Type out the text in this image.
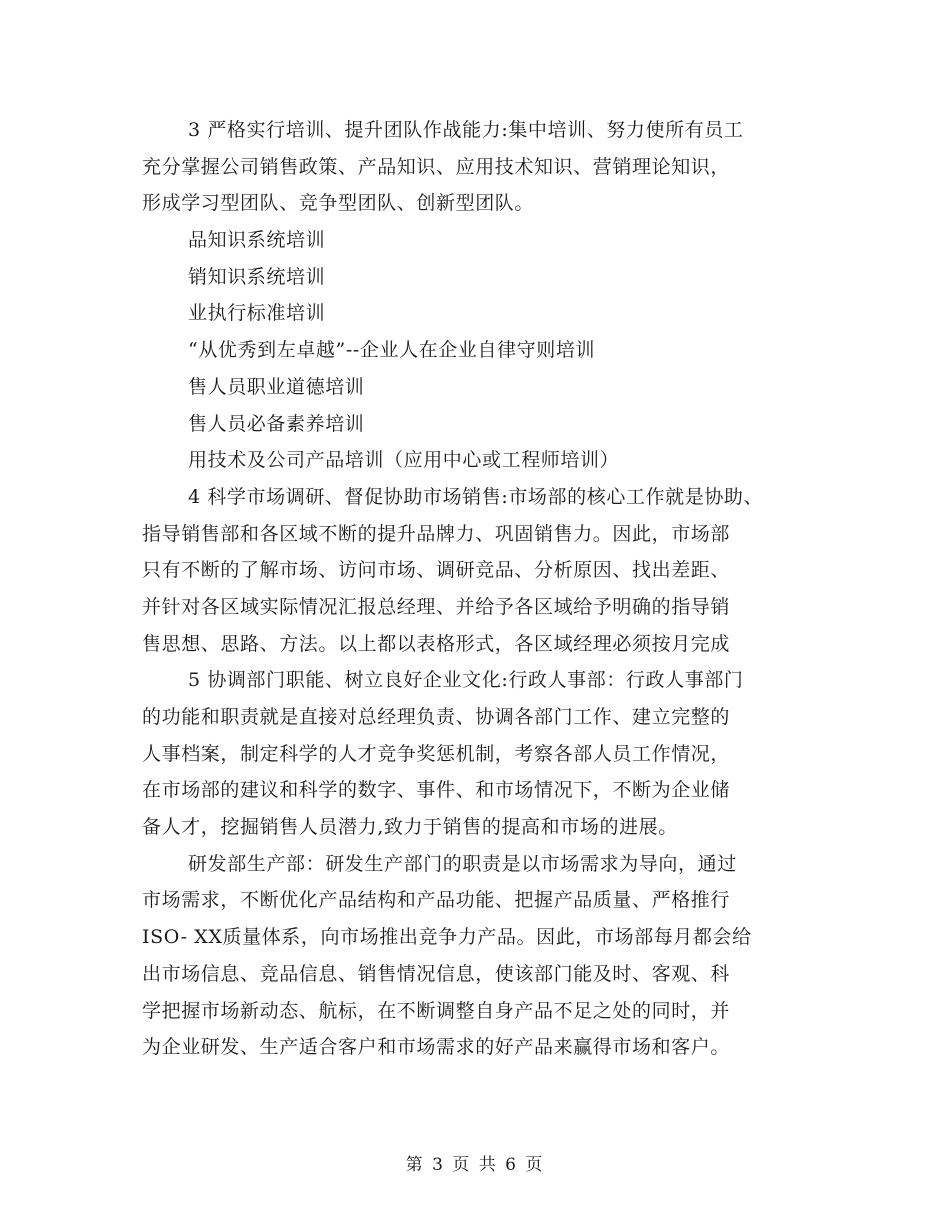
3 严格实行培训、提升团队作战能力:集中培训、努力使所有员工
充分掌握公司销售政策、产品知识、应用技术知识、营销理论知识，
形成学习型团队、竞争型团队、创新型团队。
品知识系统培训
销知识系统培训
业执行标准培训
“从优秀到左卓越”--企业人在企业自律守则培训
售人员职业道德培训
售人员必备素养培训
用技术及公司产品培训（应用中心或工程师培训）
4 科学市场调研、督促协助市场销售:市场部的核心工作就是协助、
指导销售部和各区域不断的提升品牌力、巩固销售力。因此，市场部
只有不断的了解市场、访问市场、调研竞品、分析原因、找出差距、
并针对各区域实际情况汇报总经理、并给予各区域给予明确的指导销
售思想、思路、方法。以上都以表格形式，各区域经理必须按月完成
5 协调部门职能、树立良好企业文化:行政人事部：行政人事部门
的功能和职责就是直接对总经理负责、协调各部门工作、建立完整的
人事档案，制定科学的人才竞争奖惩机制，考察各部人员工作情况，
在市场部的建议和科学的数字、事件、和市场情况下，不断为企业储
备人才，挖掘销售人员潜力,致力于销售的提高和市场的进展。
研发部生产部：研发生产部门的职责是以市场需求为导向，通过
市场需求，不断优化产品结构和产品功能、把握产品质量、严格推行
ISO- XX质量体系，向市场推出竞争力产品。因此，市场部每月都会给
出市场信息、竞品信息、销售情况信息，使该部门能及时、客观、科
学把握市场新动态、航标，在不断调整自身产品不足之处的同时，并
为企业研发、生产适合客户和市场需求的好产品来赢得市场和客户。
第 3 页 共 6 页
